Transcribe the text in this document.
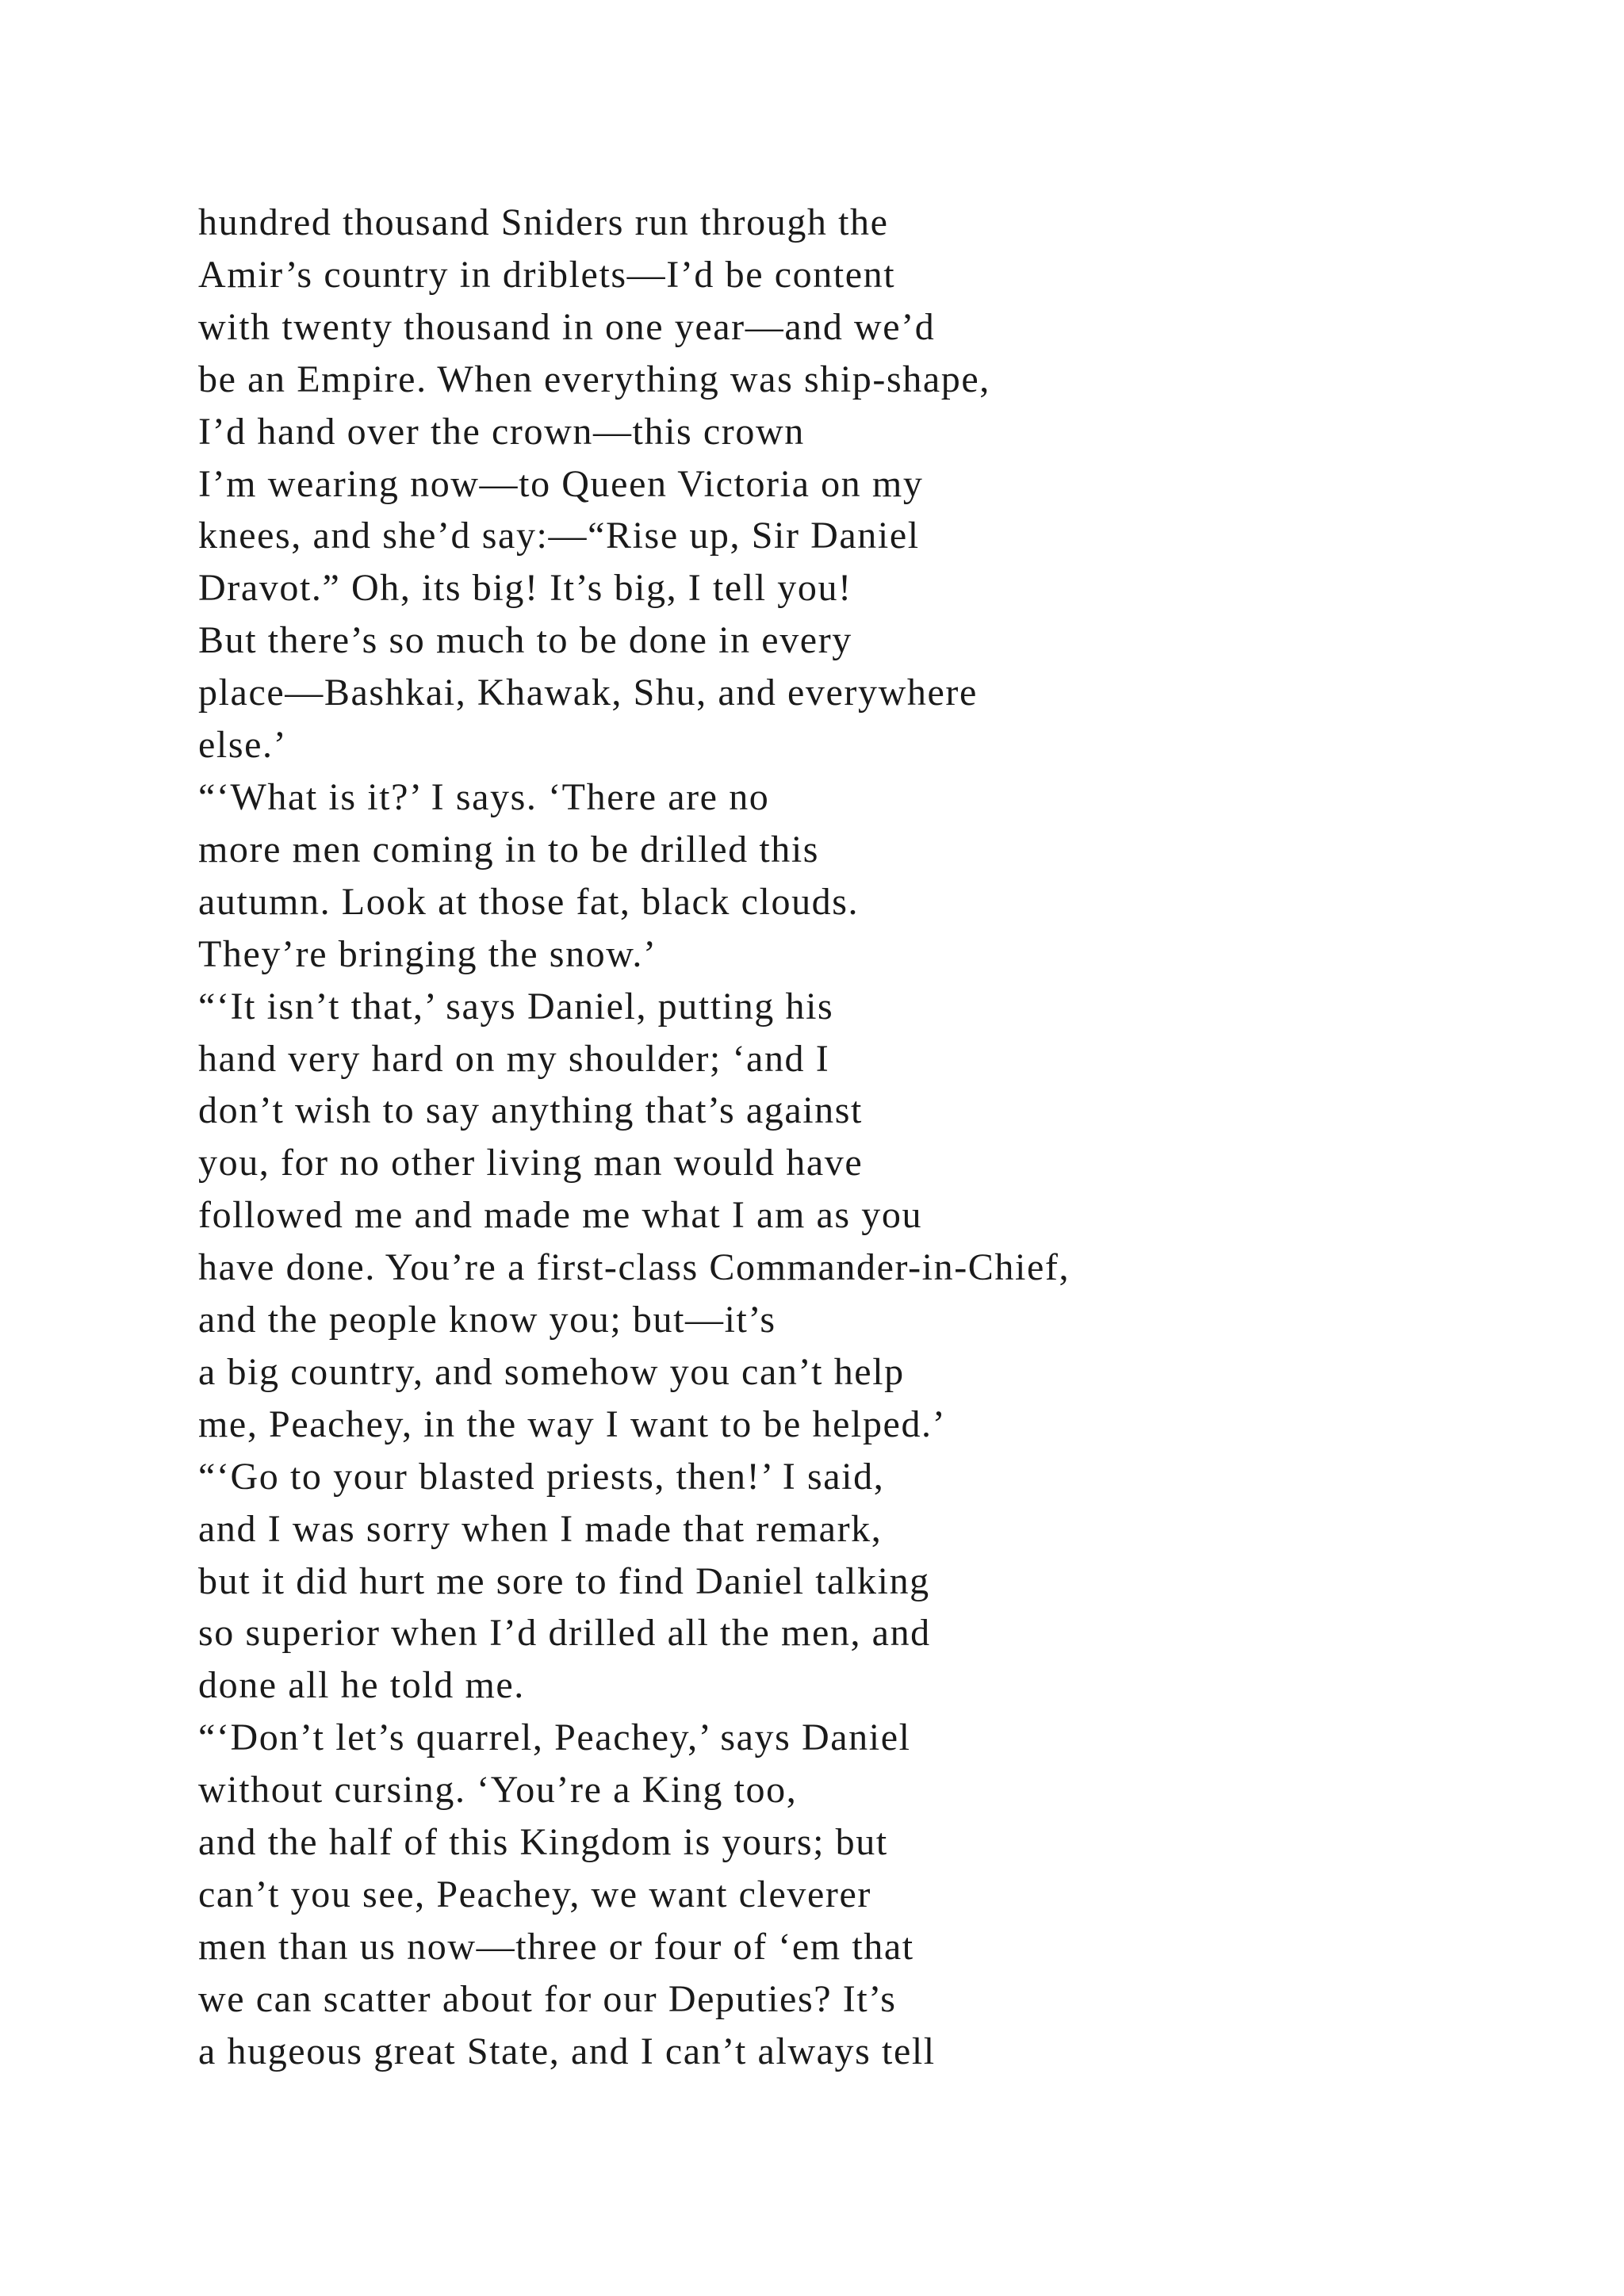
hundred thousand Sniders run through the
Amir’s country in driblets—I’d be content
with twenty thousand in one year—and we’d
be an Empire. When everything was ship-shape,
I’d hand over the crown—this crown
I’m wearing now—to Queen Victoria on my
knees, and she’d say:—“Rise up, Sir Daniel
Dravot.” Oh, its big! It’s big, I tell you!
But there’s so much to be done in every
place—Bashkai, Khawak, Shu, and everywhere
else.’
“‘What is it?’ I says. ‘There are no
more men coming in to be drilled this
autumn. Look at those fat, black clouds.
They’re bringing the snow.’
“‘It isn’t that,’ says Daniel, putting his
hand very hard on my shoulder; ‘and I
don’t wish to say anything that’s against
you, for no other living man would have
followed me and made me what I am as you
have done. You’re a first-class Commander-in-Chief,
and the people know you; but—it’s
a big country, and somehow you can’t help
me, Peachey, in the way I want to be helped.’
“‘Go to your blasted priests, then!’ I said,
and I was sorry when I made that remark,
but it did hurt me sore to find Daniel talking
so superior when I’d drilled all the men, and
done all he told me.
“‘Don’t let’s quarrel, Peachey,’ says Daniel
without cursing. ‘You’re a King too,
and the half of this Kingdom is yours; but
can’t you see, Peachey, we want cleverer
men than us now—three or four of ‘em that
we can scatter about for our Deputies? It’s
a hugeous great State, and I can’t always tell
